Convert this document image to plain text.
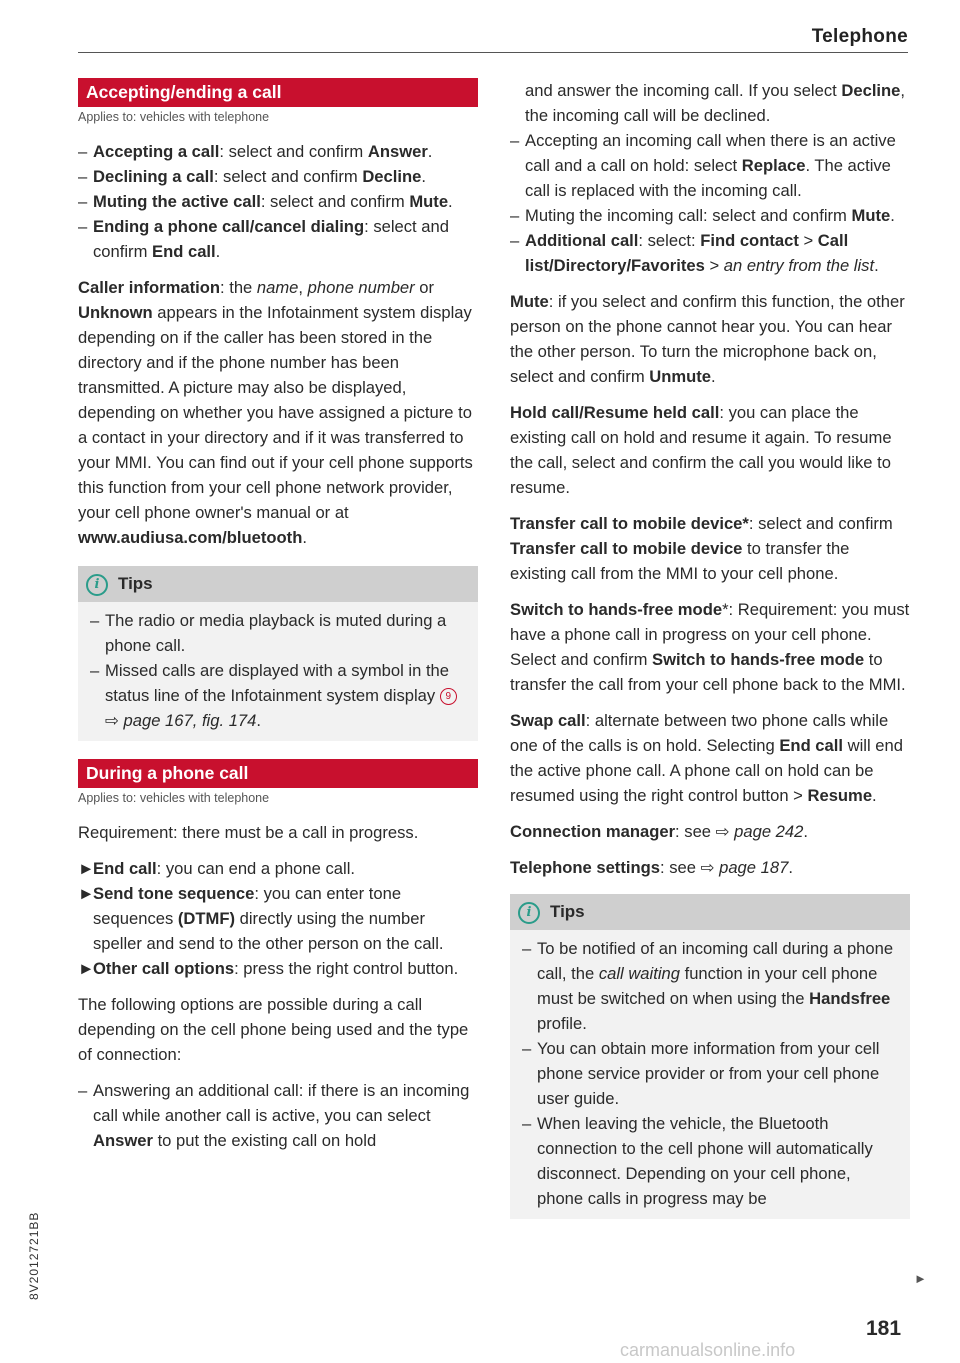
Telephone
Accepting/ending a call
Applies to: vehicles with telephone
– Accepting a call: select and confirm Answer.
– Declining a call: select and confirm Decline.
– Muting the active call: select and confirm Mute.
– Ending a phone call/cancel dialing: select and confirm End call.

Caller information: the name, phone number or Unknown appears in the Infotainment system display depending on if the caller has been stored in the directory and if the phone number has been transmitted. A picture may also be displayed, depending on whether you have assigned a picture to a contact in your directory and if it was transferred to your MMI. You can find out if your cell phone supports this function from your cell phone network provider, your cell phone owner's manual or at www.audiusa.com/bluetooth.

i Tips
– The radio or media playback is muted during a phone call.
– Missed calls are displayed with a symbol in the status line of the Infotainment system display 9 ⇨ page 167, fig. 174.
During a phone call
Applies to: vehicles with telephone

Requirement: there must be a call in progress.

►End call: you can end a phone call.
►Send tone sequence: you can enter tone sequences (DTMF) directly using the number speller and send to the other person on the call.
►Other call options: press the right control button.

The following options are possible during a call depending on the cell phone being used and the type of connection:

– Answering an additional call: if there is an incoming call while another call is active, you can select Answer to put the existing call on hold
and answer the incoming call. If you select Decline, the incoming call will be declined.
– Accepting an incoming call when there is an active call and a call on hold: select Replace. The active call is replaced with the incoming call.
– Muting the incoming call: select and confirm Mute.
– Additional call: select: Find contact > Call list/Directory/Favorites > an entry from the list.

Mute: if you select and confirm this function, the other person on the phone cannot hear you. You can hear the other person. To turn the microphone back on, select and confirm Unmute.

Hold call/Resume held call: you can place the existing call on hold and resume it again. To resume the call, select and confirm the call you would like to resume.

Transfer call to mobile device*: select and confirm Transfer call to mobile device to transfer the existing call from the MMI to your cell phone.

Switch to hands-free mode*: Requirement: you must have a phone call in progress on your cell phone. Select and confirm Switch to hands-free mode to transfer the call from your cell phone back to the MMI.

Swap call: alternate between two phone calls while one of the calls is on hold. Selecting End call will end the active phone call. A phone call on hold can be resumed using the right control button > Resume.

Connection manager: see ⇨ page 242.

Telephone settings: see ⇨ page 187.

i Tips
– To be notified of an incoming call during a phone call, the call waiting function in your cell phone must be switched on when using the Handsfree profile.
– You can obtain more information from your cell phone service provider or from your cell phone user guide.
– When leaving the vehicle, the Bluetooth connection to the cell phone will automatically disconnect. Depending on your cell phone, phone calls in progress may be
►
8V2012721BB
181
carmanualsonline.info
